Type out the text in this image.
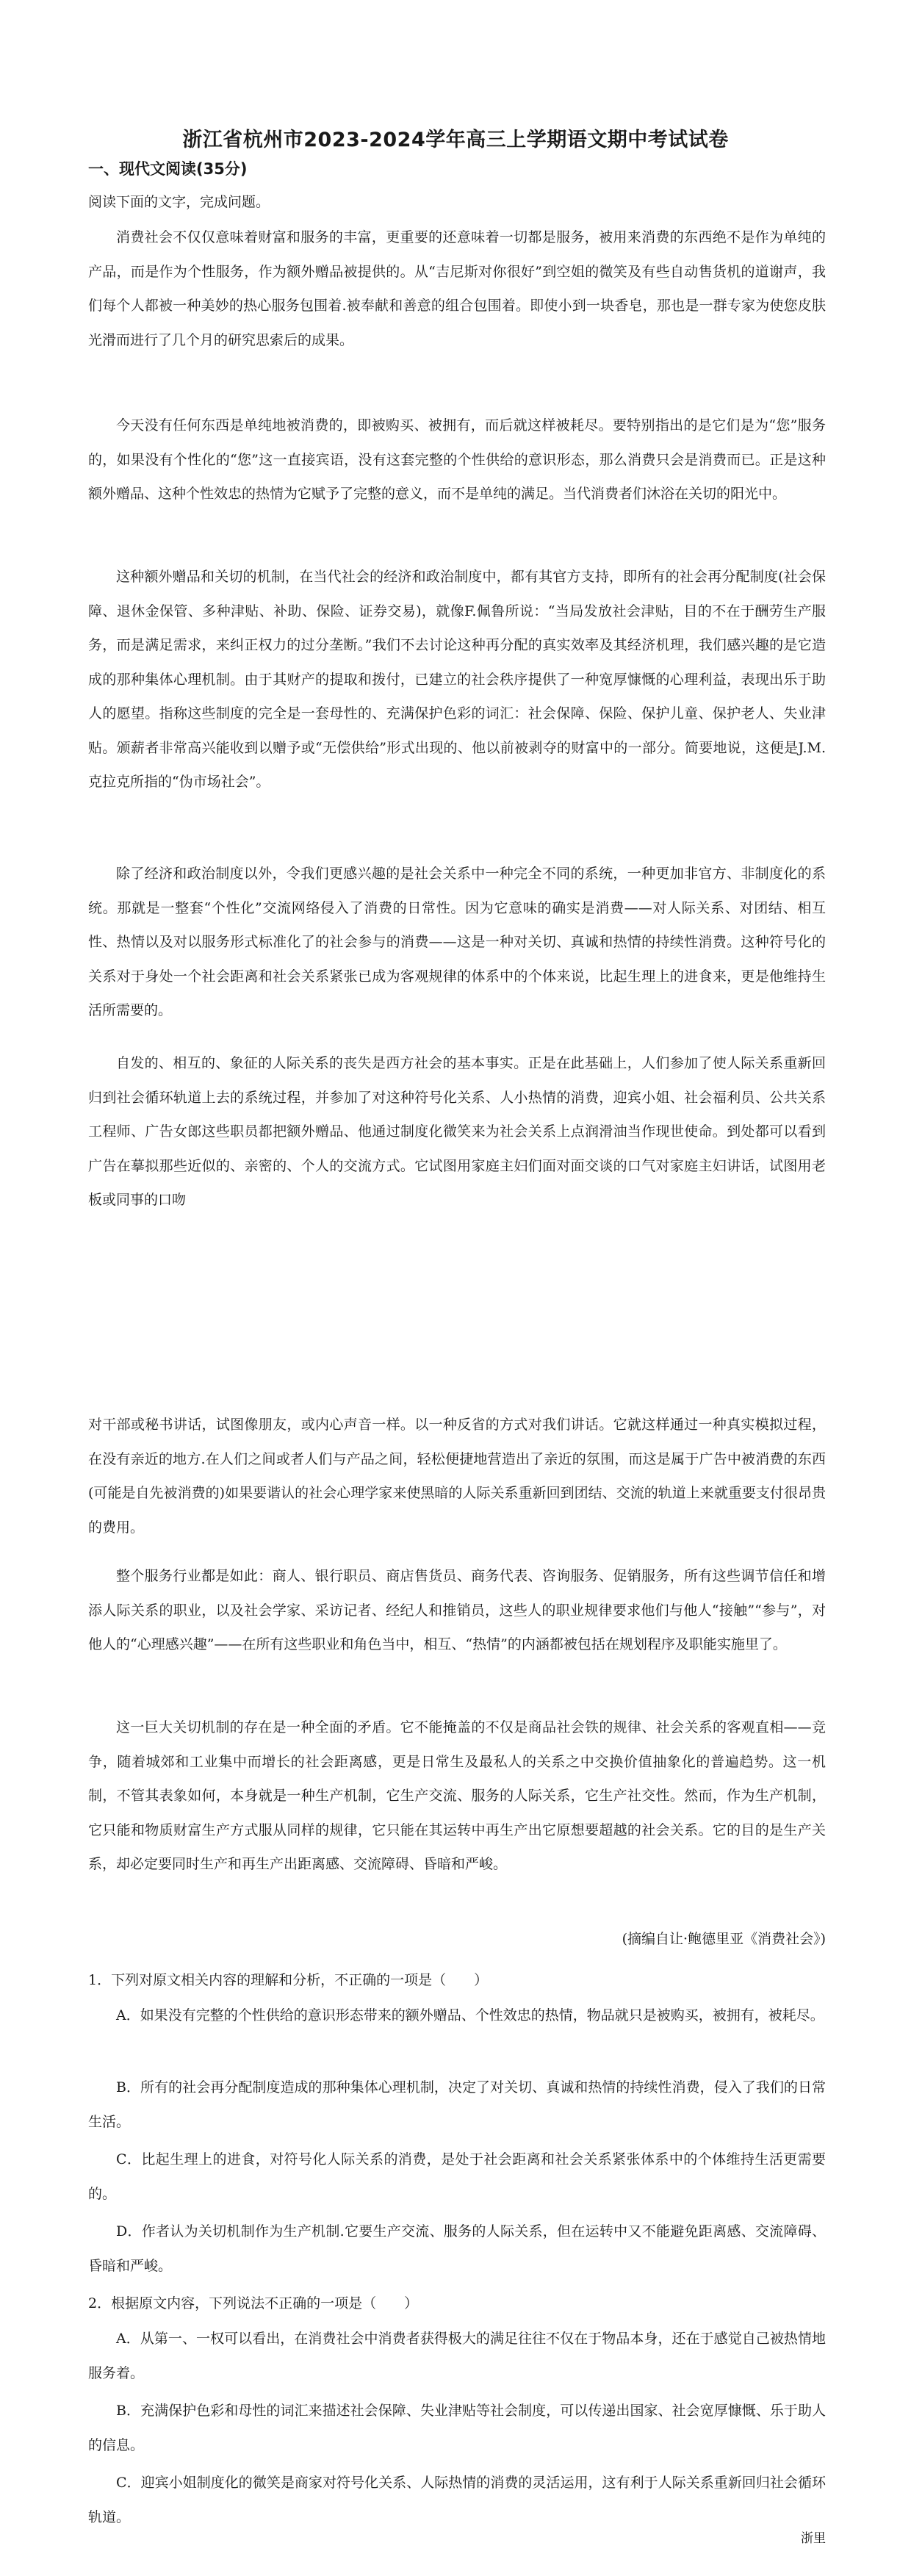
浙江省杭州市2023-2024学年高三上学期语文期中考试试卷
一、现代文阅读(35分)

阅读下面的文字，完成问题。

消费社会不仅仅意味着财富和服务的丰富，更重要的还意味着一切都是服务，被用来消费的东西绝不是作为单纯的产品，而是作为个性服务，作为额外赠品被提供的。从“吉尼斯对你很好”到空姐的微笑及有些自动售货机的道谢声，我们每个人都被一种美妙的热心服务包围着.被奉献和善意的组合包围着。即使小到一块香皂，那也是一群专家为使您皮肤光滑而进行了几个月的研究思索后的成果。

今天没有任何东西是单纯地被消费的，即被购买、被拥有，而后就这样被耗尽。要特别指出的是它们是为“您”服务的，如果没有个性化的“您”这一直接宾语，没有这套完整的个性供给的意识形态，那么消费只会是消费而已。正是这种额外赠品、这种个性效忠的热情为它赋予了完整的意义，而不是单纯的满足。当代消费者们沐浴在关切的阳光中。

这种额外赠品和关切的机制，在当代社会的经济和政治制度中，都有其官方支持，即所有的社会再分配制度(社会保障、退休金保管、多种津贴、补助、保险、证券交易)，就像F.佩鲁所说：“当局发放社会津贴，目的不在于酬劳生产服务，而是满足需求，来纠正权力的过分垄断。”我们不去讨论这种再分配的真实效率及其经济机理，我们感兴趣的是它造成的那种集体心理机制。由于其财产的提取和拨付，已建立的社会秩序提供了一种宽厚慷慨的心理利益，表现出乐于助人的愿望。指称这些制度的完全是一套母性的、充满保护色彩的词汇：社会保障、保险、保护儿童、保护老人、失业津贴。颁薪者非常高兴能收到以赠予或“无偿供给”形式出现的、他以前被剥夺的财富中的一部分。简要地说，这便是J.M.克拉克所指的“伪市场社会”。

除了经济和政治制度以外，令我们更感兴趣的是社会关系中一种完全不同的系统，一种更加非官方、非制度化的系统。那就是一整套“个性化”交流网络侵入了消费的日常性。因为它意味的确实是消费——对人际关系、对团结、相互性、热情以及对以服务形式标准化了的社会参与的消费——这是一种对关切、真诚和热情的持续性消费。这种符号化的关系对于身处一个社会距离和社会关系紧张已成为客观规律的体系中的个体来说，比起生理上的进食来，更是他维持生活所需要的。

自发的、相互的、象征的人际关系的丧失是西方社会的基本事实。正是在此基础上，人们参加了使人际关系重新回归到社会循环轨道上去的系统过程，并参加了对这种符号化关系、人小热情的消费，迎宾小姐、社会福利员、公共关系工程师、广告女郎这些职员都把额外赠品、他通过制度化微笑来为社会关系上点润滑油当作现世使命。到处都可以看到广告在摹拟那些近似的、亲密的、个人的交流方式。它试图用家庭主妇们面对面交谈的口气对家庭主妇讲话，试图用老板或同事的口吻

对干部或秘书讲话，试图像朋友，或内心声音一样。以一种反省的方式对我们讲话。它就这样通过一种真实模拟过程，在没有亲近的地方.在人们之间或者人们与产品之间，轻松便捷地营造出了亲近的氛围，而这是属于广告中被消费的东西(可能是自先被消费的)如果要谐认的社会心理学家来使黑暗的人际关系重新回到团结、交流的轨道上来就重要支付很昂贵的费用。

整个服务行业都是如此：商人、银行职员、商店售货员、商务代表、咨询服务、促销服务，所有这些调节信任和增添人际关系的职业，以及社会学家、采访记者、经纪人和推销员，这些人的职业规律要求他们与他人“接触”“参与”，对他人的“心理感兴趣”——在所有这些职业和角色当中，相互、“热情”的内涵都被包括在规划程序及职能实施里了。

这一巨大关切机制的存在是一种全面的矛盾。它不能掩盖的不仅是商品社会铁的规律、社会关系的客观直相——竞争，随着城郊和工业集中而增长的社会距离感，更是日常生及最私人的关系之中交换价值抽象化的普遍趋势。这一机制，不管其表象如何，本身就是一种生产机制，它生产交流、服务的人际关系，它生产社交性。然而，作为生产机制，它只能和物质财富生产方式服从同样的规律，它只能在其运转中再生产出它原想要超越的社会关系。它的目的是生产关系，却必定要同时生产和再生产出距离感、交流障碍、昏暗和严峻。

(摘编自让·鲍德里亚《消费社会》)

1．下列对原文相关内容的理解和分析，不正确的一项是（　　）

A．如果没有完整的个性供给的意识形态带来的额外赠品、个性效忠的热情，物品就只是被购买，被拥有，被耗尽。

B．所有的社会再分配制度造成的那种集体心理机制，决定了对关切、真诚和热情的持续性消费，侵入了我们的日常生活。

C．比起生理上的进食，对符号化人际关系的消费，是处于社会距离和社会关系紧张体系中的个体维持生活更需要的。

D．作者认为关切机制作为生产机制.它要生产交流、服务的人际关系，但在运转中又不能避免距离感、交流障碍、昏暗和严峻。

2．根据原文内容，下列说法不正确的一项是（　　）

A．从第一、一权可以看出，在消费社会中消费者获得极大的满足往往不仅在于物品本身，还在于感觉自己被热情地服务着。

B．充满保护色彩和母性的词汇来描述社会保障、失业津贴等社会制度，可以传递出国家、社会宽厚慷慨、乐于助人的信息。

C．迎宾小姐制度化的微笑是商家对符号化关系、人际热情的消费的灵活运用，这有利于人际关系重新回归社会循环轨道。

浙里
